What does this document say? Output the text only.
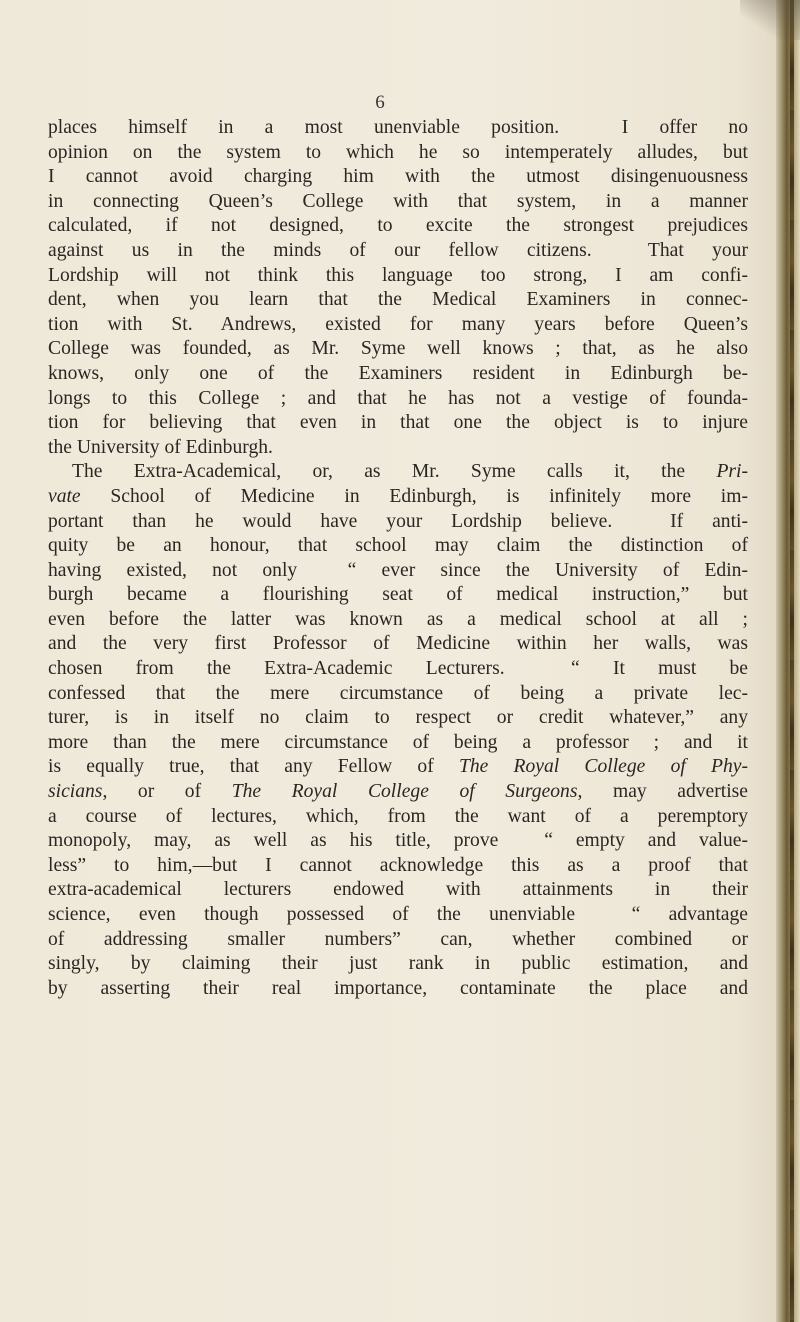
6
places himself in a most unenviable position.  I offer no
opinion on the system to which he so intemperately alludes, but
I cannot avoid charging him with the utmost disingenuousness
in connecting Queen’s College with that system, in a manner
calculated, if not designed, to excite the strongest prejudices
against us in the minds of our fellow citizens.  That your
Lordship will not think this language too strong, I am confi-
dent, when you learn that the Medical Examiners in connec-
tion with St. Andrews, existed for many years before Queen’s
College was founded, as Mr. Syme well knows ; that, as he also
knows, only one of the Examiners resident in Edinburgh be-
longs to this College ; and that he has not a vestige of founda-
tion for believing that even in that one the object is to injure
the University of Edinburgh.
The Extra-Academical, or, as Mr. Syme calls it, the Pri-
vate School of Medicine in Edinburgh, is infinitely more im-
portant than he would have your Lordship believe.  If anti-
quity be an honour, that school may claim the distinction of
having existed, not only  “ ever since the University of Edin-
burgh became a flourishing seat of medical instruction,” but
even before the latter was known as a medical school at all ;
and the very first Professor of Medicine within her walls, was
chosen from the Extra-Academic Lecturers.  “ It must be
confessed that the mere circumstance of being a private lec-
turer, is in itself no claim to respect or credit whatever,” any
more than the mere circumstance of being a professor ; and it
is equally true, that any Fellow of The Royal College of Phy-
sicians, or of The Royal College of Surgeons, may advertise
a course of lectures, which, from the want of a peremptory
monopoly, may, as well as his title, prove  “ empty and value-
less” to him,—but I cannot acknowledge this as a proof that
extra-academical lecturers endowed with attainments in their
science, even though possessed of the unenviable  “ advantage
of addressing smaller numbers” can, whether combined or
singly, by claiming their just rank in public estimation, and
by asserting their real importance, contaminate the place and
